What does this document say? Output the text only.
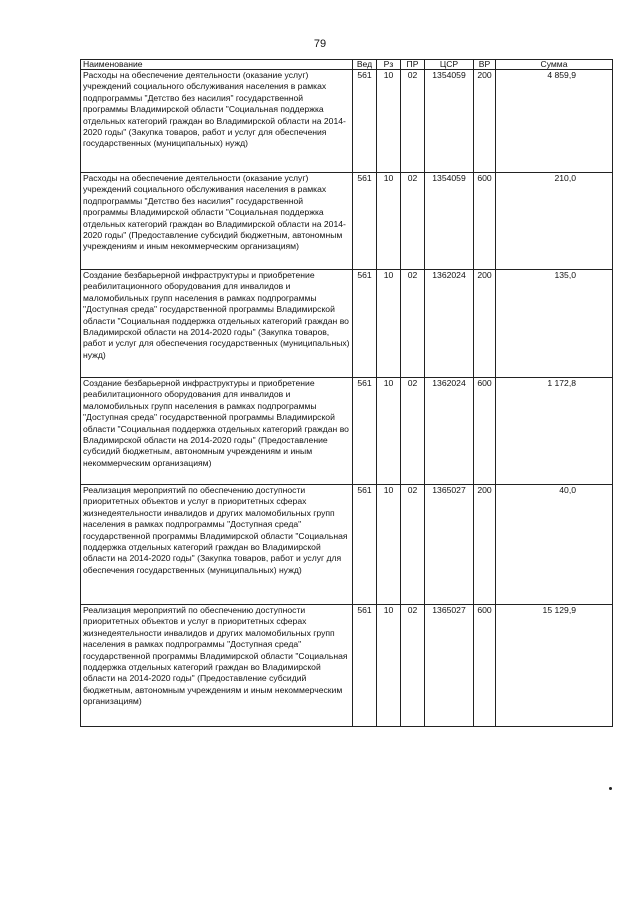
79
Наименование	Вед	Рз	ПР	ЦСР	ВР	Сумма
Расходы на обеспечение деятельности (оказание услуг) учреждений социального обслуживания населения в рамках подпрограммы "Детство без насилия" государственной программы Владимирской области "Социальная поддержка отдельных категорий граждан во Владимирской области на 2014-2020 годы" (Закупка товаров, работ и услуг для обеспечения государственных (муниципальных) нужд)	561	10	02	1354059	200	4 859,9
Расходы на обеспечение деятельности (оказание услуг) учреждений социального обслуживания населения в рамках подпрограммы "Детство без насилия" государственной программы Владимирской области "Социальная поддержка отдельных категорий граждан во Владимирской области на 2014-2020 годы" (Предоставление субсидий бюджетным, автономным учреждениям и иным некоммерческим организациям)	561	10	02	1354059	600	210,0
Создание безбарьерной инфраструктуры и приобретение реабилитационного оборудования для инвалидов и маломобильных групп населения в рамках подпрограммы "Доступная среда" государственной программы Владимирской области "Социальная поддержка отдельных категорий граждан во Владимирской области на 2014-2020 годы" (Закупка товаров, работ и услуг для обеспечения государственных (муниципальных) нужд)	561	10	02	1362024	200	135,0
Создание безбарьерной инфраструктуры и приобретение реабилитационного оборудования для инвалидов и маломобильных групп населения в рамках подпрограммы "Доступная среда" государственной программы Владимирской области "Социальная поддержка отдельных категорий граждан во Владимирской области на 2014-2020 годы" (Предоставление субсидий бюджетным, автономным учреждениям и иным некоммерческим организациям)	561	10	02	1362024	600	1 172,8
Реализация мероприятий по обеспечению доступности приоритетных объектов и услуг в приоритетных сферах жизнедеятельности инвалидов и других маломобильных групп населения в рамках подпрограммы "Доступная среда" государственной программы Владимирской области "Социальная поддержка отдельных категорий граждан во Владимирской области на 2014-2020 годы" (Закупка товаров, работ и услуг для обеспечения государственных (муниципальных) нужд)	561	10	02	1365027	200	40,0
Реализация мероприятий по обеспечению доступности приоритетных объектов и услуг в приоритетных сферах жизнедеятельности инвалидов и других маломобильных групп населения в рамках подпрограммы "Доступная среда" государственной программы Владимирской области "Социальная поддержка отдельных категорий граждан во Владимирской области на 2014-2020 годы" (Предоставление субсидий бюджетным, автономным учреждениям и иным некоммерческим организациям)	561	10	02	1365027	600	15 129,9
